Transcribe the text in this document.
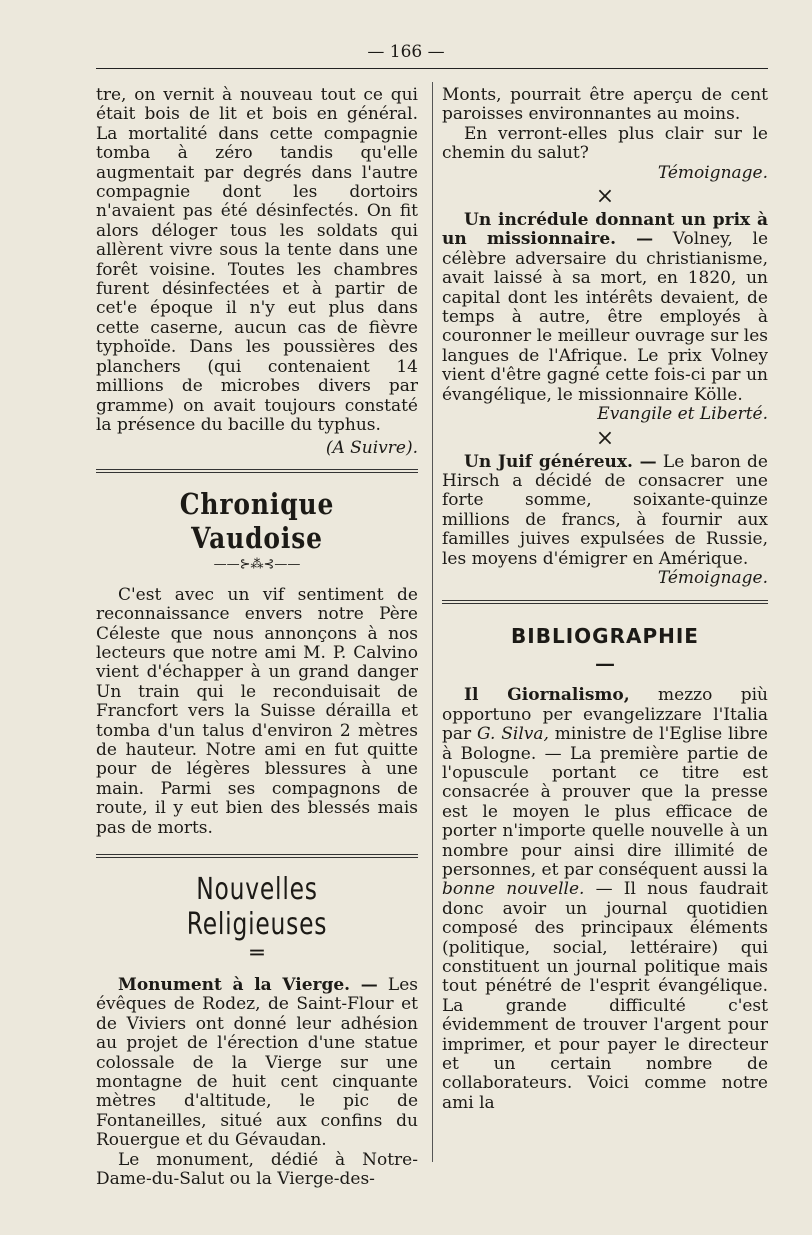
— 166 —

tre, on vernit à nouveau tout ce qui était bois de lit et bois en général. La mortalité dans cette compagnie tomba à zéro tandis qu'elle augmentait par degrés dans l'autre compagnie dont les dortoirs n'avaient pas été désinfectés. On fit alors déloger tous les soldats qui allèrent vivre sous la tente dans une forêt voisine. Toutes les chambres furent désinfectées et à partir de cet'e époque il n'y eut plus dans cette caserne, aucun cas de fièvre typhoïde. Dans les poussières des planchers (qui contenaient 14 millions de microbes divers par gramme) on avait toujours constaté la présence du bacille du typhus.

(A Suivre).

Chronique Vaudoise
——⊱⁂⊰——

C'est avec un vif sentiment de reconnaissance envers notre Père Céleste que nous annonçons à nos lecteurs que notre ami M. P. Calvino vient d'échapper à un grand danger Un train qui le reconduisait de Francfort vers la Suisse dérailla et tomba d'un talus d'environ 2 mètres de hauteur. Notre ami en fut quitte pour de légères blessures à une main. Parmi ses compagnons de route, il y eut bien des blessés mais pas de morts.

Nouvelles Religieuses
═

Monument à la Vierge. — Les évêques de Rodez, de Saint-Flour et de Viviers ont donné leur adhésion au projet de l'érection d'une statue colossale de la Vierge sur une montagne de huit cent cinquante mètres d'altitude, le pic de Fontaneilles, situé aux confins du Rouergue et du Gévaudan.

Le monument, dédié à Notre-Dame-du-Salut ou la Vierge-des-

Monts, pourrait être aperçu de cent paroisses environnantes au moins.

En verront-elles plus clair sur le chemin du salut?

Témoignage.

×

Un incrédule donnant un prix à un missionnaire. — Volney, le célèbre adversaire du christianisme, avait laissé à sa mort, en 1820, un capital dont les intérêts devaient, de temps à autre, être employés à couronner le meilleur ouvrage sur les langues de l'Afrique. Le prix Volney vient d'être gagné cette fois-ci par un évangélique, le missionnaire Kölle.

Evangile et Liberté.

×

Un Juif généreux. — Le baron de Hirsch a décidé de consacrer une forte somme, soixante-quinze millions de francs, à fournir aux familles juives expulsées de Russie, les moyens d'émigrer en Amérique.

Témoignage.

BIBLIOGRAPHIE
—

Il Giornalismo, mezzo più opportuno per evangelizzare l'Italia par G. Silva, ministre de l'Eglise libre à Bologne. — La première partie de l'opuscule portant ce titre est consacrée à prouver que la presse est le moyen le plus efficace de porter n'importe quelle nouvelle à un nombre pour ainsi dire illimité de personnes, et par conséquent aussi la bonne nouvelle. — Il nous faudrait donc avoir un journal quotidien composé des principaux éléments (politique, social, lettéraire) qui constituent un journal politique mais tout pénétré de l'esprit évangélique. La grande difficulté c'est évidemment de trouver l'argent pour imprimer, et pour payer le directeur et un certain nombre de collaborateurs. Voici comme notre ami la
